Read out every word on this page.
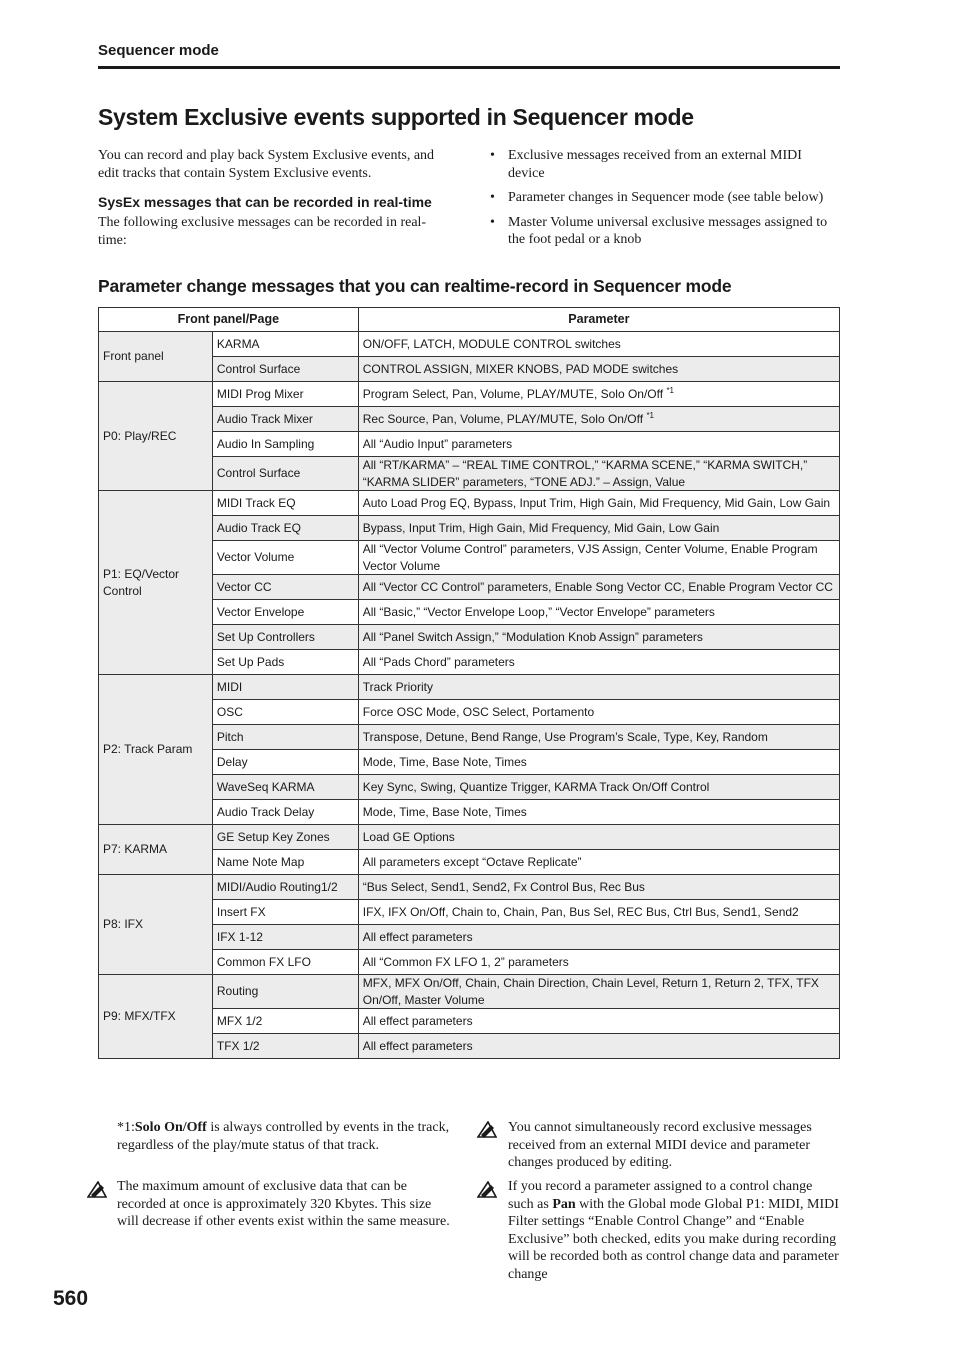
Sequencer mode
System Exclusive events supported in Sequencer mode

You can record and play back System Exclusive events, and edit tracks that contain System Exclusive events.

SysEx messages that can be recorded in real-time

The following exclusive messages can be recorded in real-time:

• Exclusive messages received from an external MIDI device
• Parameter changes in Sequencer mode (see table below)
• Master Volume universal exclusive messages assigned to the foot pedal or a knob
Parameter change messages that you can realtime-record in Sequencer mode
Front panel/Page		Parameter
Front panel	KARMA	ON/OFF, LATCH, MODULE CONTROL switches
	Control Surface	CONTROL ASSIGN, MIXER KNOBS, PAD MODE switches
P0: Play/REC	MIDI Prog Mixer	Program Select, Pan, Volume, PLAY/MUTE, Solo On/Off $^{*1}$
	Audio Track Mixer	Rec Source, Pan, Volume, PLAY/MUTE, Solo On/Off $^{*1}$
	Audio In Sampling	All “Audio Input” parameters
	Control Surface	All “RT/KARMA” – “REAL TIME CONTROL,” “KARMA SCENE,” “KARMA SWITCH,” “KARMA SLIDER” parameters, “TONE ADJ.” – Assign, Value
P1: EQ/Vector Control	MIDI Track EQ	Auto Load Prog EQ, Bypass, Input Trim, High Gain, Mid Frequency, Mid Gain, Low Gain
	Audio Track EQ	Bypass, Input Trim, High Gain, Mid Frequency, Mid Gain, Low Gain
	Vector Volume	All “Vector Volume Control” parameters, VJS Assign, Center Volume, Enable Program Vector Volume
	Vector CC	All “Vector CC Control” parameters, Enable Song Vector CC, Enable Program Vector CC
	Vector Envelope	All “Basic,” “Vector Envelope Loop,” “Vector Envelope” parameters
	Set Up Controllers	All “Panel Switch Assign,” “Modulation Knob Assign” parameters
	Set Up Pads	All “Pads Chord” parameters
P2: Track Param	MIDI	Track Priority
	OSC	Force OSC Mode, OSC Select, Portamento
	Pitch	Transpose, Detune, Bend Range, Use Program’s Scale, Type, Key, Random
	Delay	Mode, Time, Base Note, Times
	WaveSeq KARMA	Key Sync, Swing, Quantize Trigger, KARMA Track On/Off Control
	Audio Track Delay	Mode, Time, Base Note, Times
P7: KARMA	GE Setup Key Zones	Load GE Options
	Name Note Map	All parameters except “Octave Replicate”
P8: IFX	MIDI/Audio Routing1/2	“Bus Select, Send1, Send2, Fx Control Bus, Rec Bus
	Insert FX	IFX, IFX On/Off, Chain to, Chain, Pan, Bus Sel, REC Bus, Ctrl Bus, Send1, Send2
	IFX 1-12	All effect parameters
	Common FX LFO	All “Common FX LFO 1, 2” parameters
P9: MFX/TFX	Routing	MFX, MFX On/Off, Chain, Chain Direction, Chain Level, Return 1, Return 2, TFX, TFX On/Off, Master Volume
	MFX 1/2	All effect parameters
	TFX 1/2	All effect parameters

You cannot simultaneously record exclusive messages received from an external MIDI device and parameter changes produced by editing.

*1:Solo On/Off is always controlled by events in the track, regardless of the play/mute status of that track.

The maximum amount of exclusive data that can be recorded at once is approximately 320 Kbytes. This size will decrease if other events exist within the same measure.

If you record a parameter assigned to a control change such as Pan with the Global mode Global P1: MIDI, MIDI Filter settings “Enable Control Change” and “Enable Exclusive” both checked, edits you make during recording will be recorded both as control change data and parameter change

560
